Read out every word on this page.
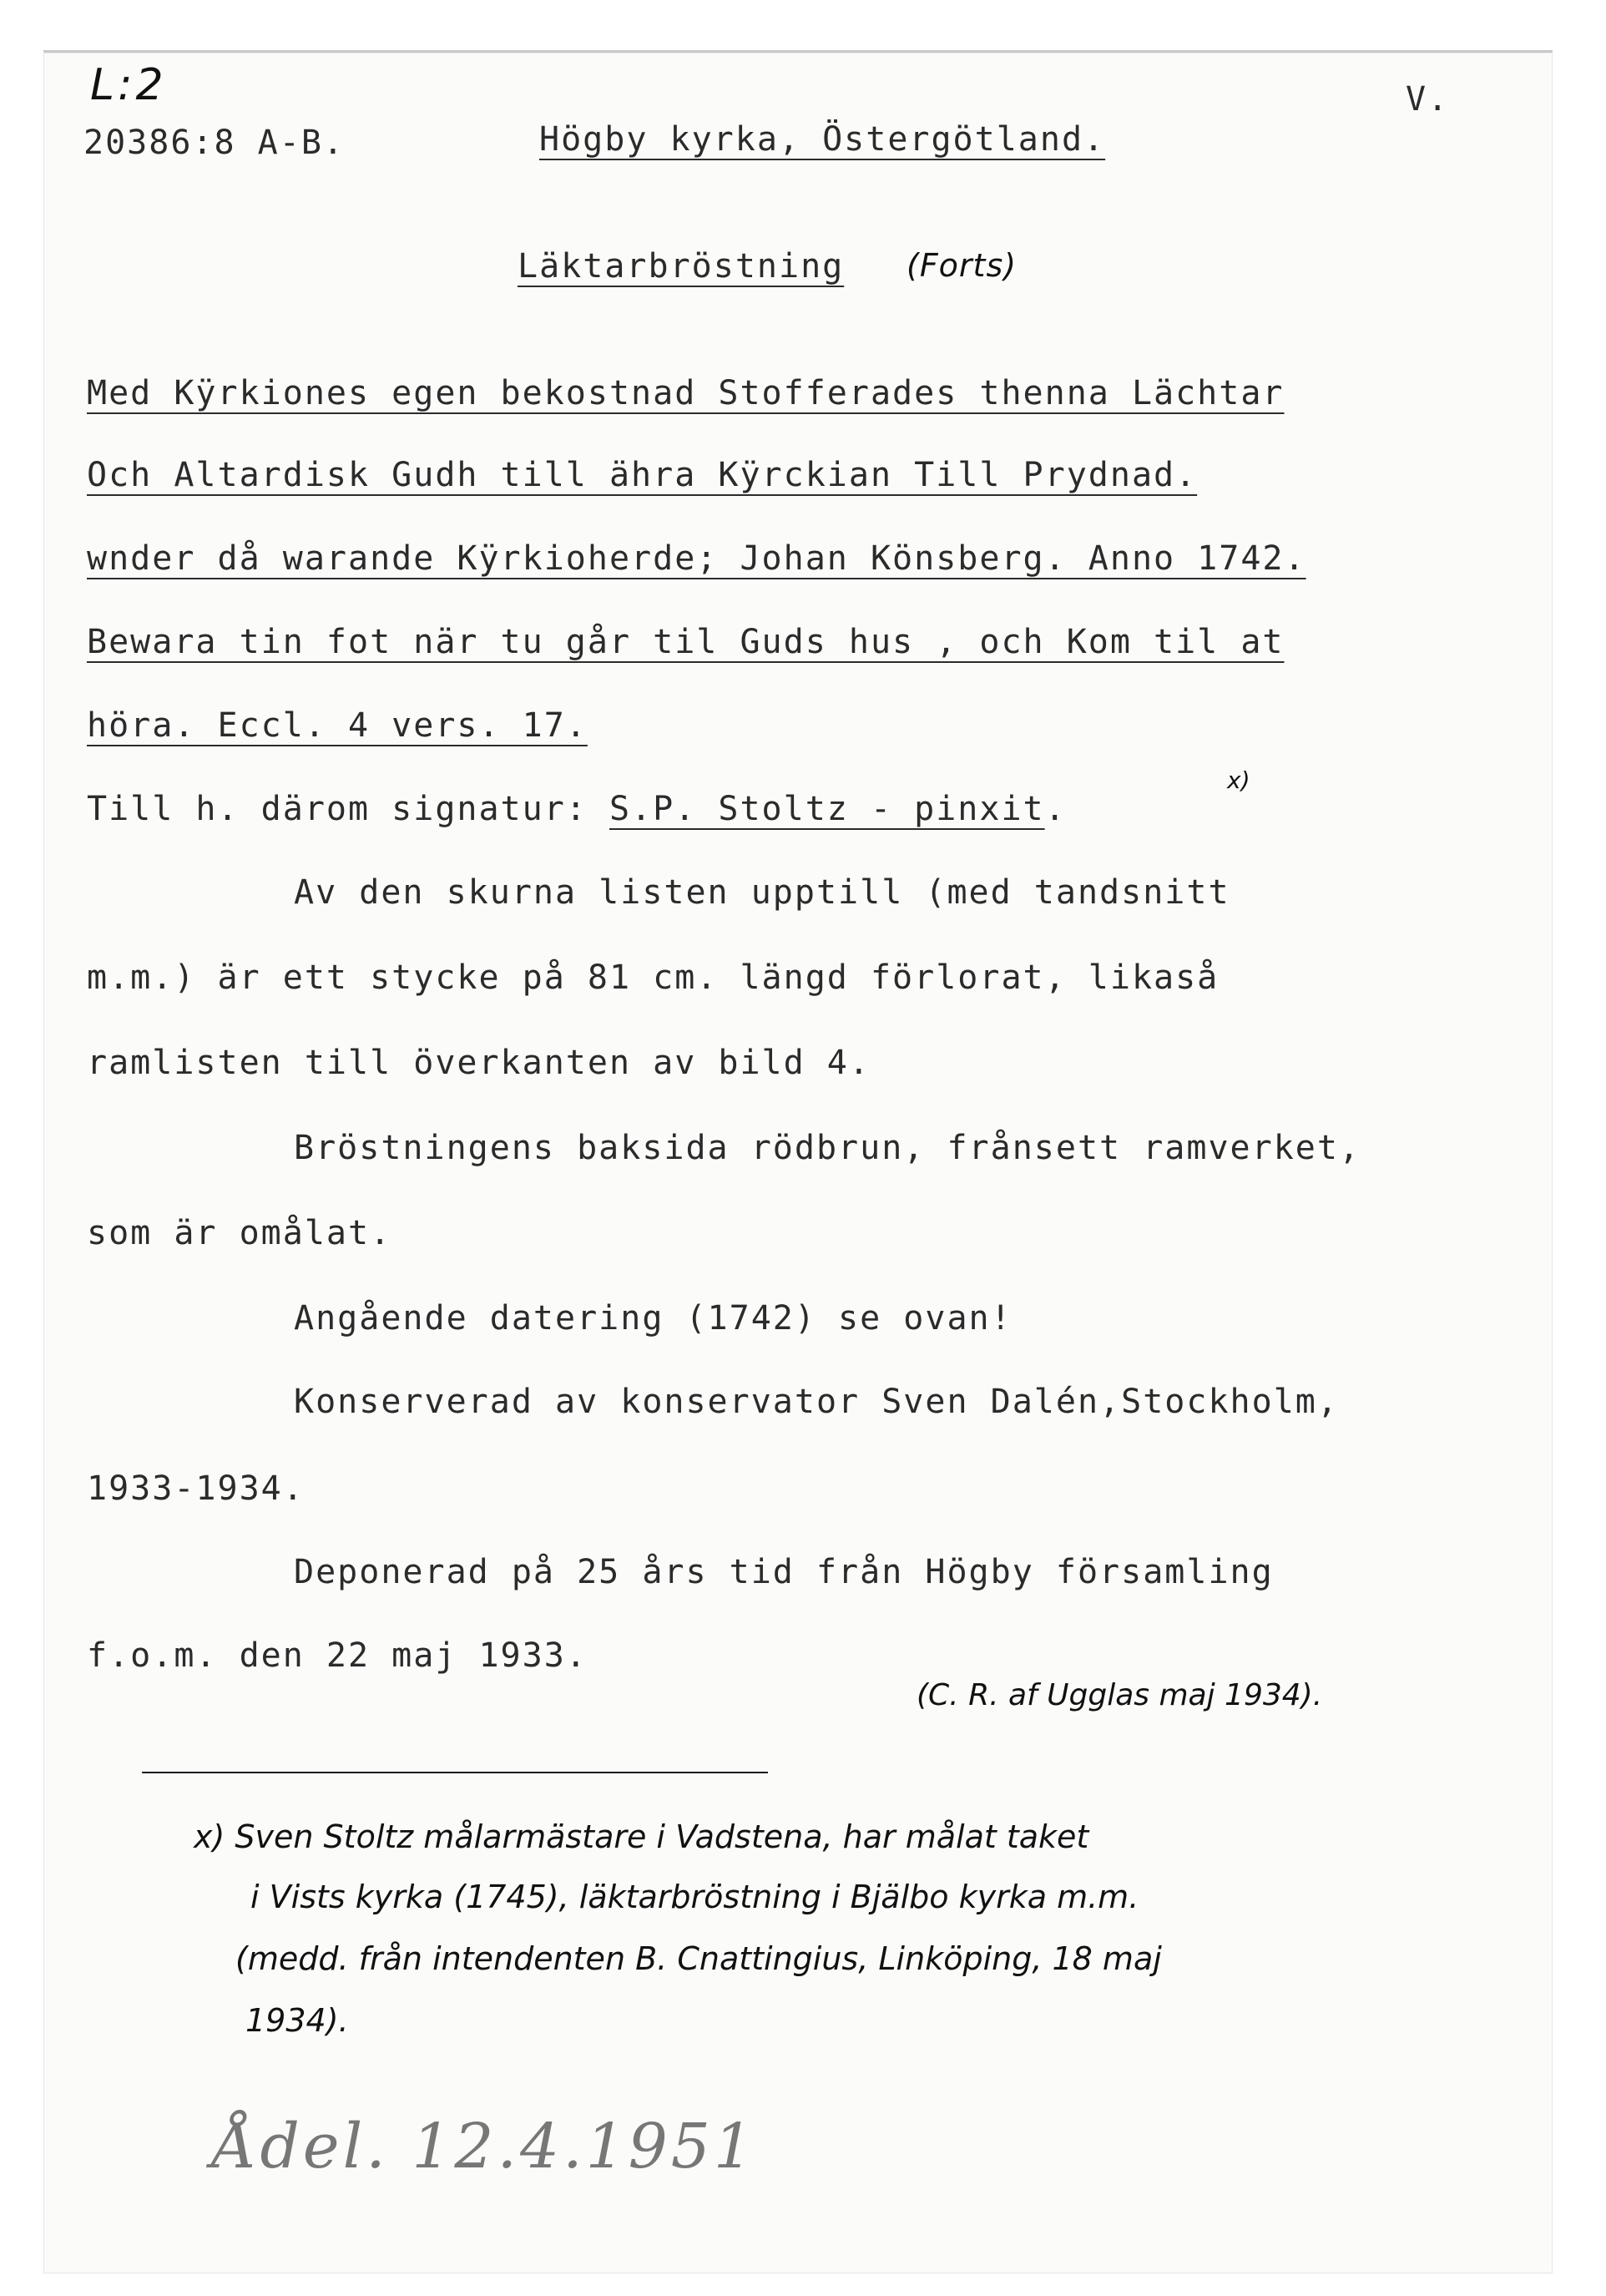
L:2
20386:8 A-B.	Högby kyrka, Östergötland.
V.
Läktarbröstning (Forts)
Med Kÿrkiones egen bekostnad Stofferades thenna Lächtar
Och Altardisk Gudh till ähra Kÿrckian Till Prydnad.
wnder då warande Kÿrkioherde; Johan Könsberg. Anno 1742.
Bewara tin fot när tu går til Guds hus , och Kom til at
höra. Eccl. 4 vers. 17.
Till h. därom signatur: S.P. Stoltz - pinxit.
x)
Av den skurna listen upptill (med tandsnitt
m.m.) är ett stycke på 81 cm. längd förlorat, likaså
ramlisten till överkanten av bild 4.
Bröstningens baksida rödbrun, frånsett ramverket,
som är omålat.
Angående datering (1742) se ovan!
Konserverad av konservator Sven Dalén,Stockholm,
1933-1934.
Deponerad på 25 års tid från Högby församling
f.o.m. den 22 maj 1933.
(C. R. af Ugglas maj 1934).
x) Sven Stoltz målarmästare i Vadstena, har målat taket
i Vists kyrka (1745), läktarbröstning i Bjälbo kyrka m.m.
(medd. från intendenten B. Cnattingius, Linköping, 18 maj
1934).
Ådel. 12.4.1951
